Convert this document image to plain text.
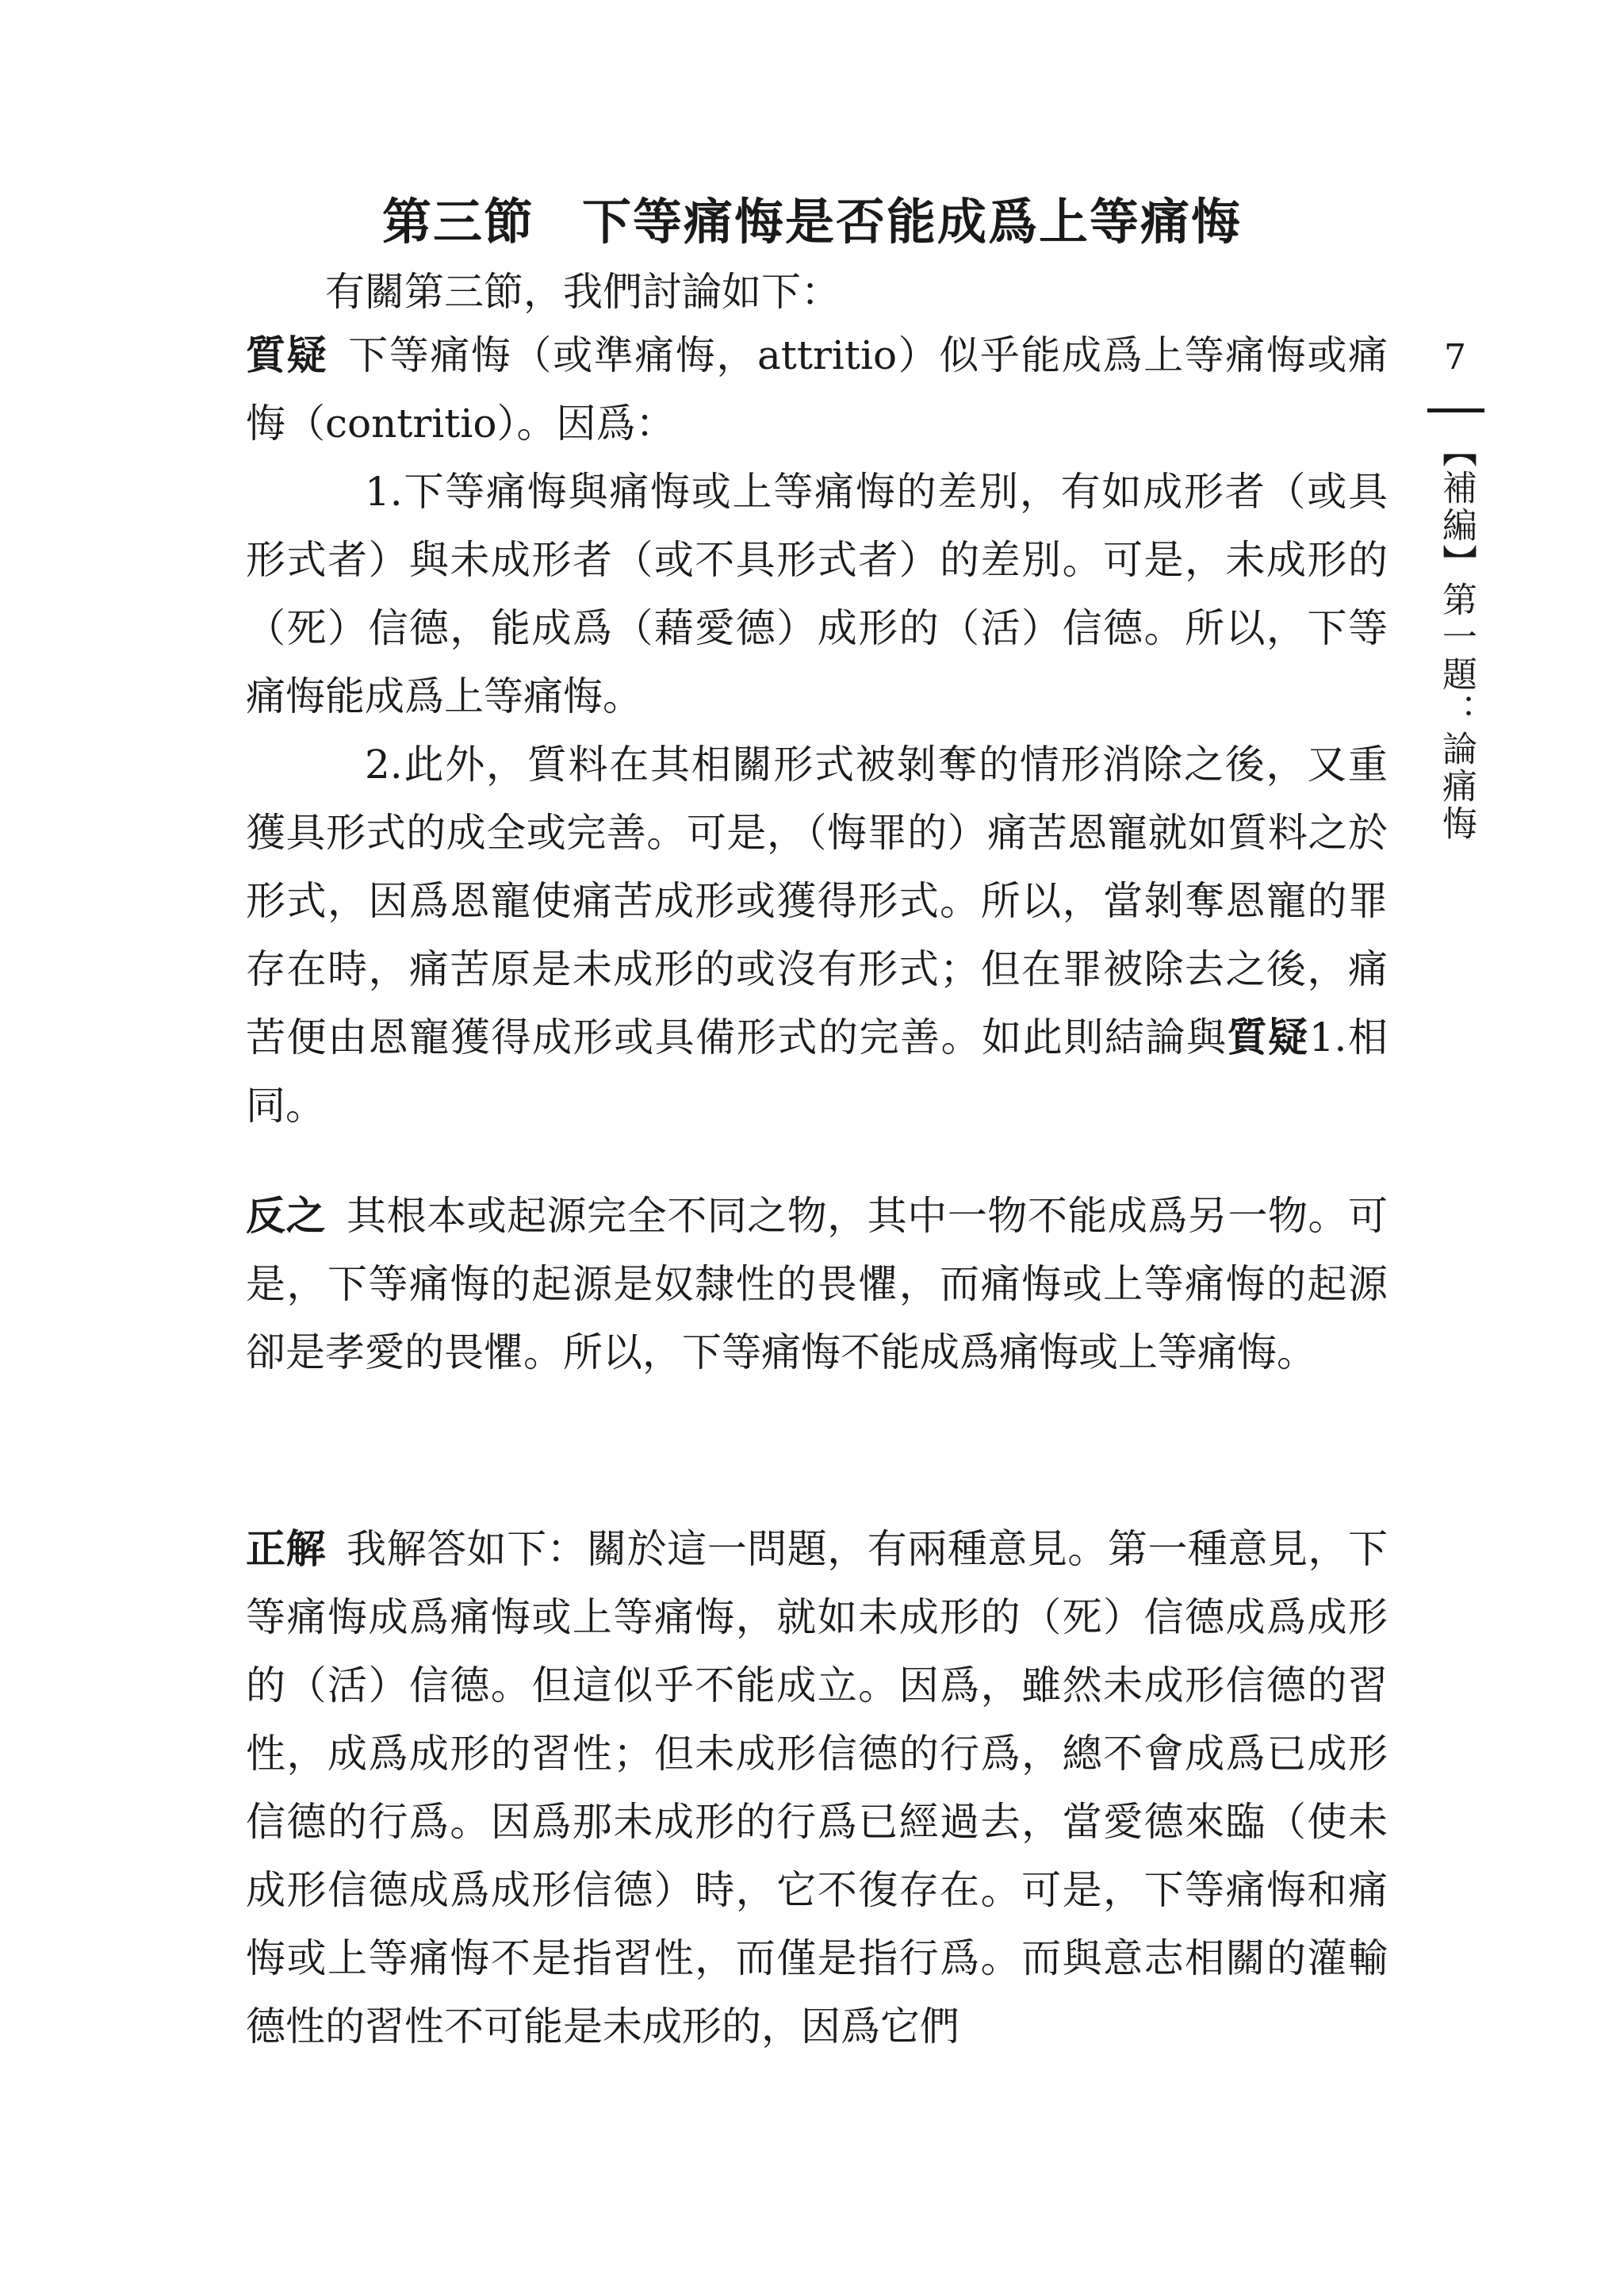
第三節 下等痛悔是否能成爲上等痛悔

有關第三節，我們討論如下：

質疑 下等痛悔（或準痛悔，attritio）似乎能成爲上等痛悔或痛悔（contritio）。因爲：
1.下等痛悔與痛悔或上等痛悔的差別，有如成形者（或具形式者）與未成形者（或不具形式者）的差別。可是，未成形的（死）信德，能成爲（藉愛德）成形的（活）信德。所以，下等痛悔能成爲上等痛悔。
2.此外，質料在其相關形式被剝奪的情形消除之後，又重獲具形式的成全或完善。可是，（悔罪的）痛苦恩寵就如質料之於形式，因爲恩寵使痛苦成形或獲得形式。所以，當剝奪恩寵的罪存在時，痛苦原是未成形的或沒有形式；但在罪被除去之後，痛苦便由恩寵獲得成形或具備形式的完善。如此則結論與質疑1.相同。
反之 其根本或起源完全不同之物，其中一物不能成爲另一物。可是，下等痛悔的起源是奴隸性的畏懼，而痛悔或上等痛悔的起源卻是孝愛的畏懼。所以，下等痛悔不能成爲痛悔或上等痛悔。
正解 我解答如下：關於這一問題，有兩種意見。第一種意見，下等痛悔成爲痛悔或上等痛悔，就如未成形的（死）信德成爲成形的（活）信德。但這似乎不能成立。因爲，雖然未成形信德的習性，成爲成形的習性；但未成形信德的行爲，總不會成爲已成形信德的行爲。因爲那未成形的行爲已經過去，當愛德來臨（使未成形信德成爲成形信德）時，它不復存在。可是，下等痛悔和痛悔或上等痛悔不是指習性，而僅是指行爲。而與意志相關的灌輸德性的習性不可能是未成形的，因爲它們
7
【補編】第一題：論痛悔
